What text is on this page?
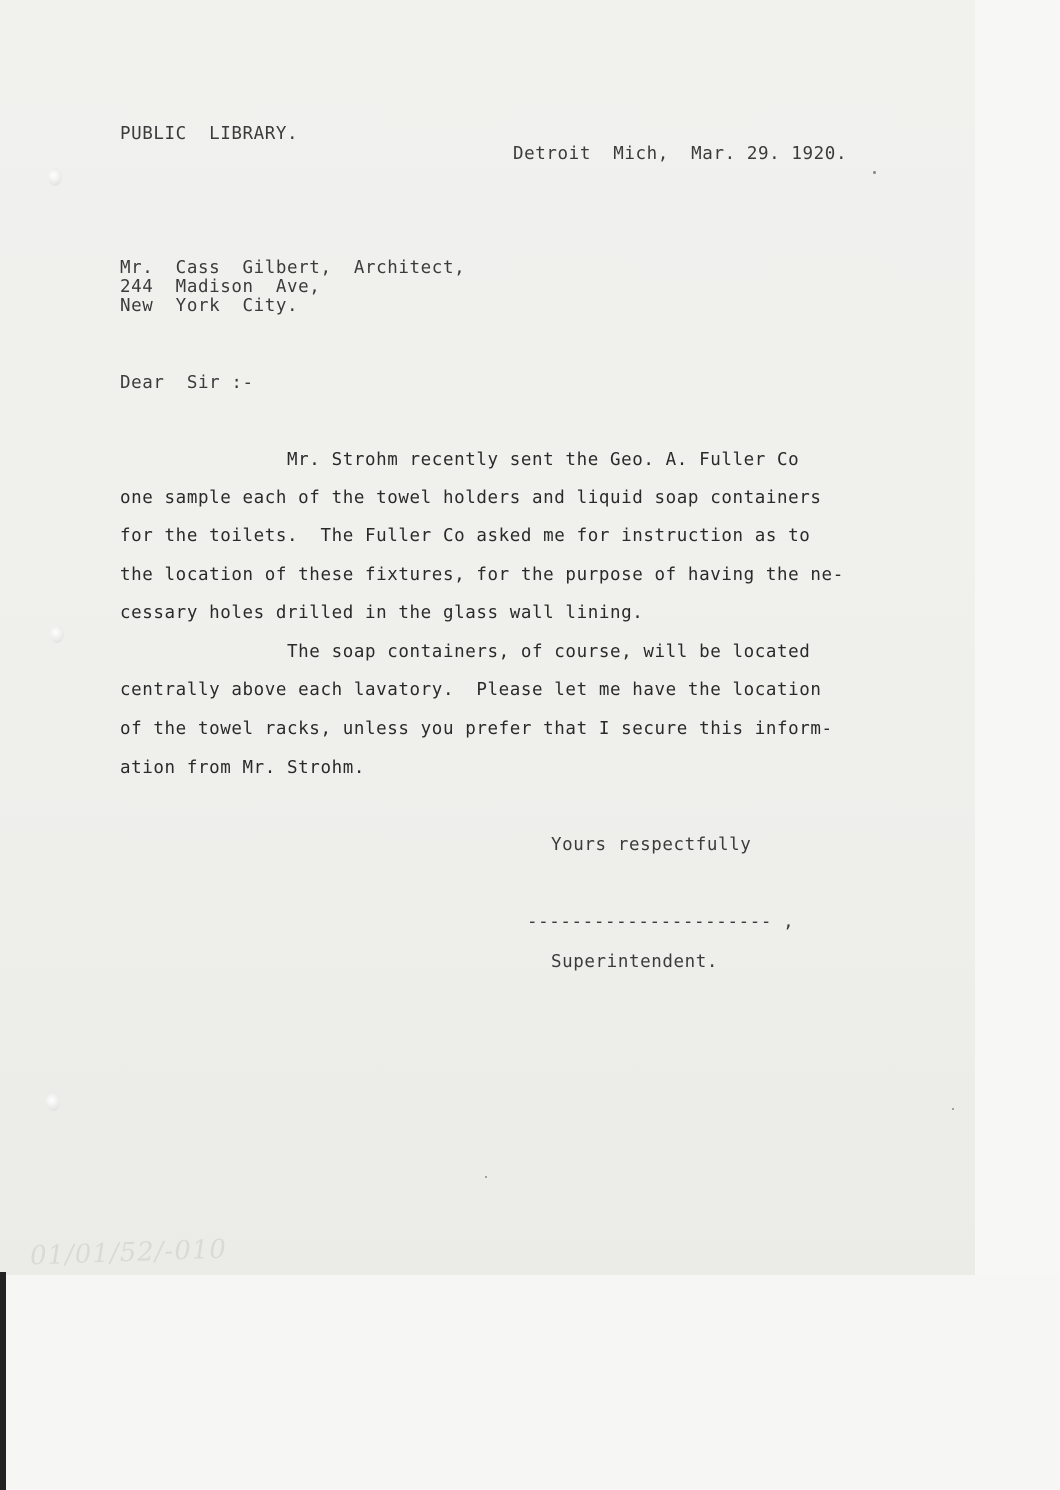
PUBLIC  LIBRARY.
Detroit  Mich,  Mar. 29. 1920.
Mr.  Cass  Gilbert,  Architect,
244  Madison  Ave,
New  York  City.
Dear  Sir :-
Mr. Strohm recently sent the Geo. A. Fuller Co
one sample each of the towel holders and liquid soap containers
for the toilets.  The Fuller Co asked me for instruction as to
the location of these fixtures, for the purpose of having the ne-
cessary holes drilled in the glass wall lining.
The soap containers, of course, will be located
centrally above each lavatory.  Please let me have the location
of the towel racks, unless you prefer that I secure this inform-
ation from Mr. Strohm.
Yours respectfully
---------------------- ,
Superintendent.
01/01/52/-010
